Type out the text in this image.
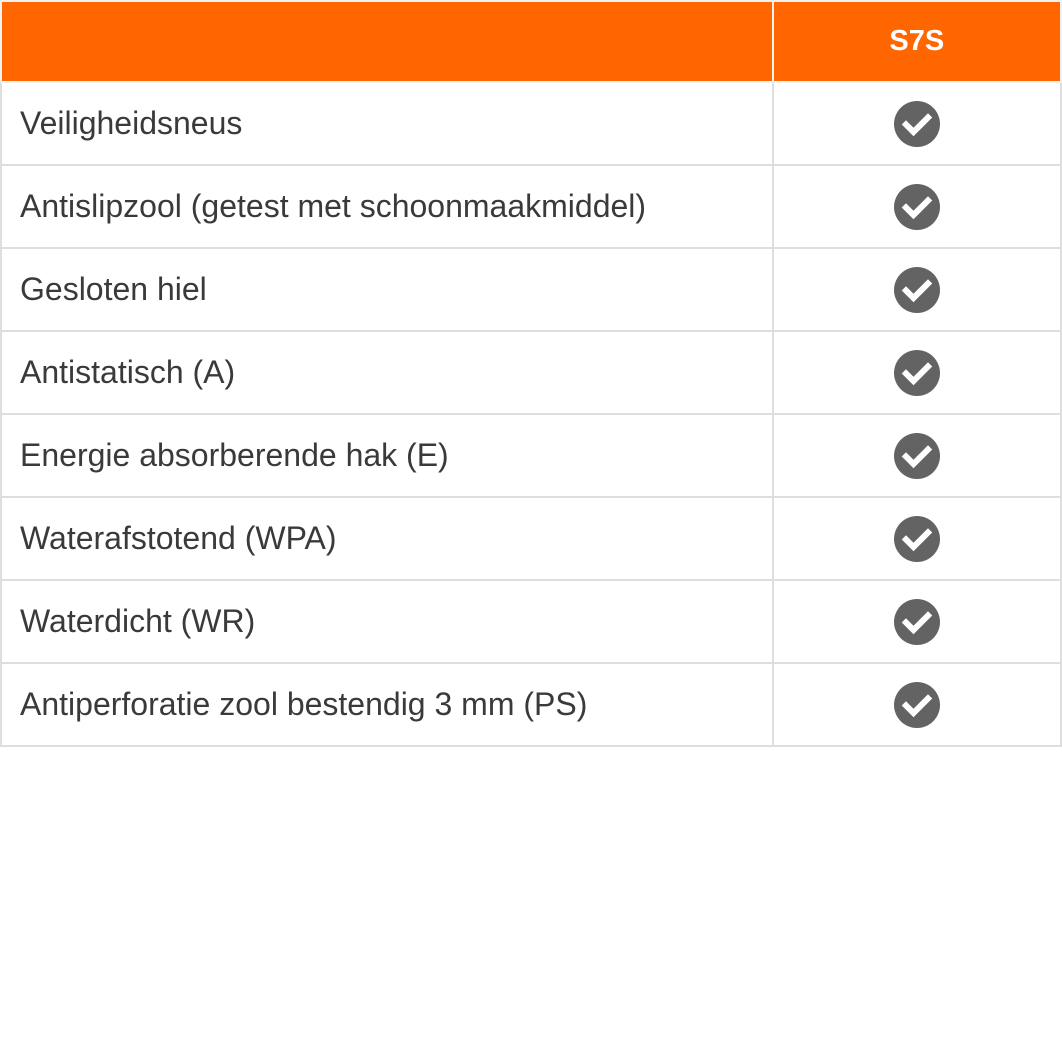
	S7S
Veiligheidsneus	

Antislipzool (getest met schoonmaakmiddel)	

Gesloten hiel	

Antistatisch (A)	

Energie absorberende hak (E)	

Waterafstotend (WPA)	

Waterdicht (WR)	

Antiperforatie zool bestendig 3 mm (PS)	
